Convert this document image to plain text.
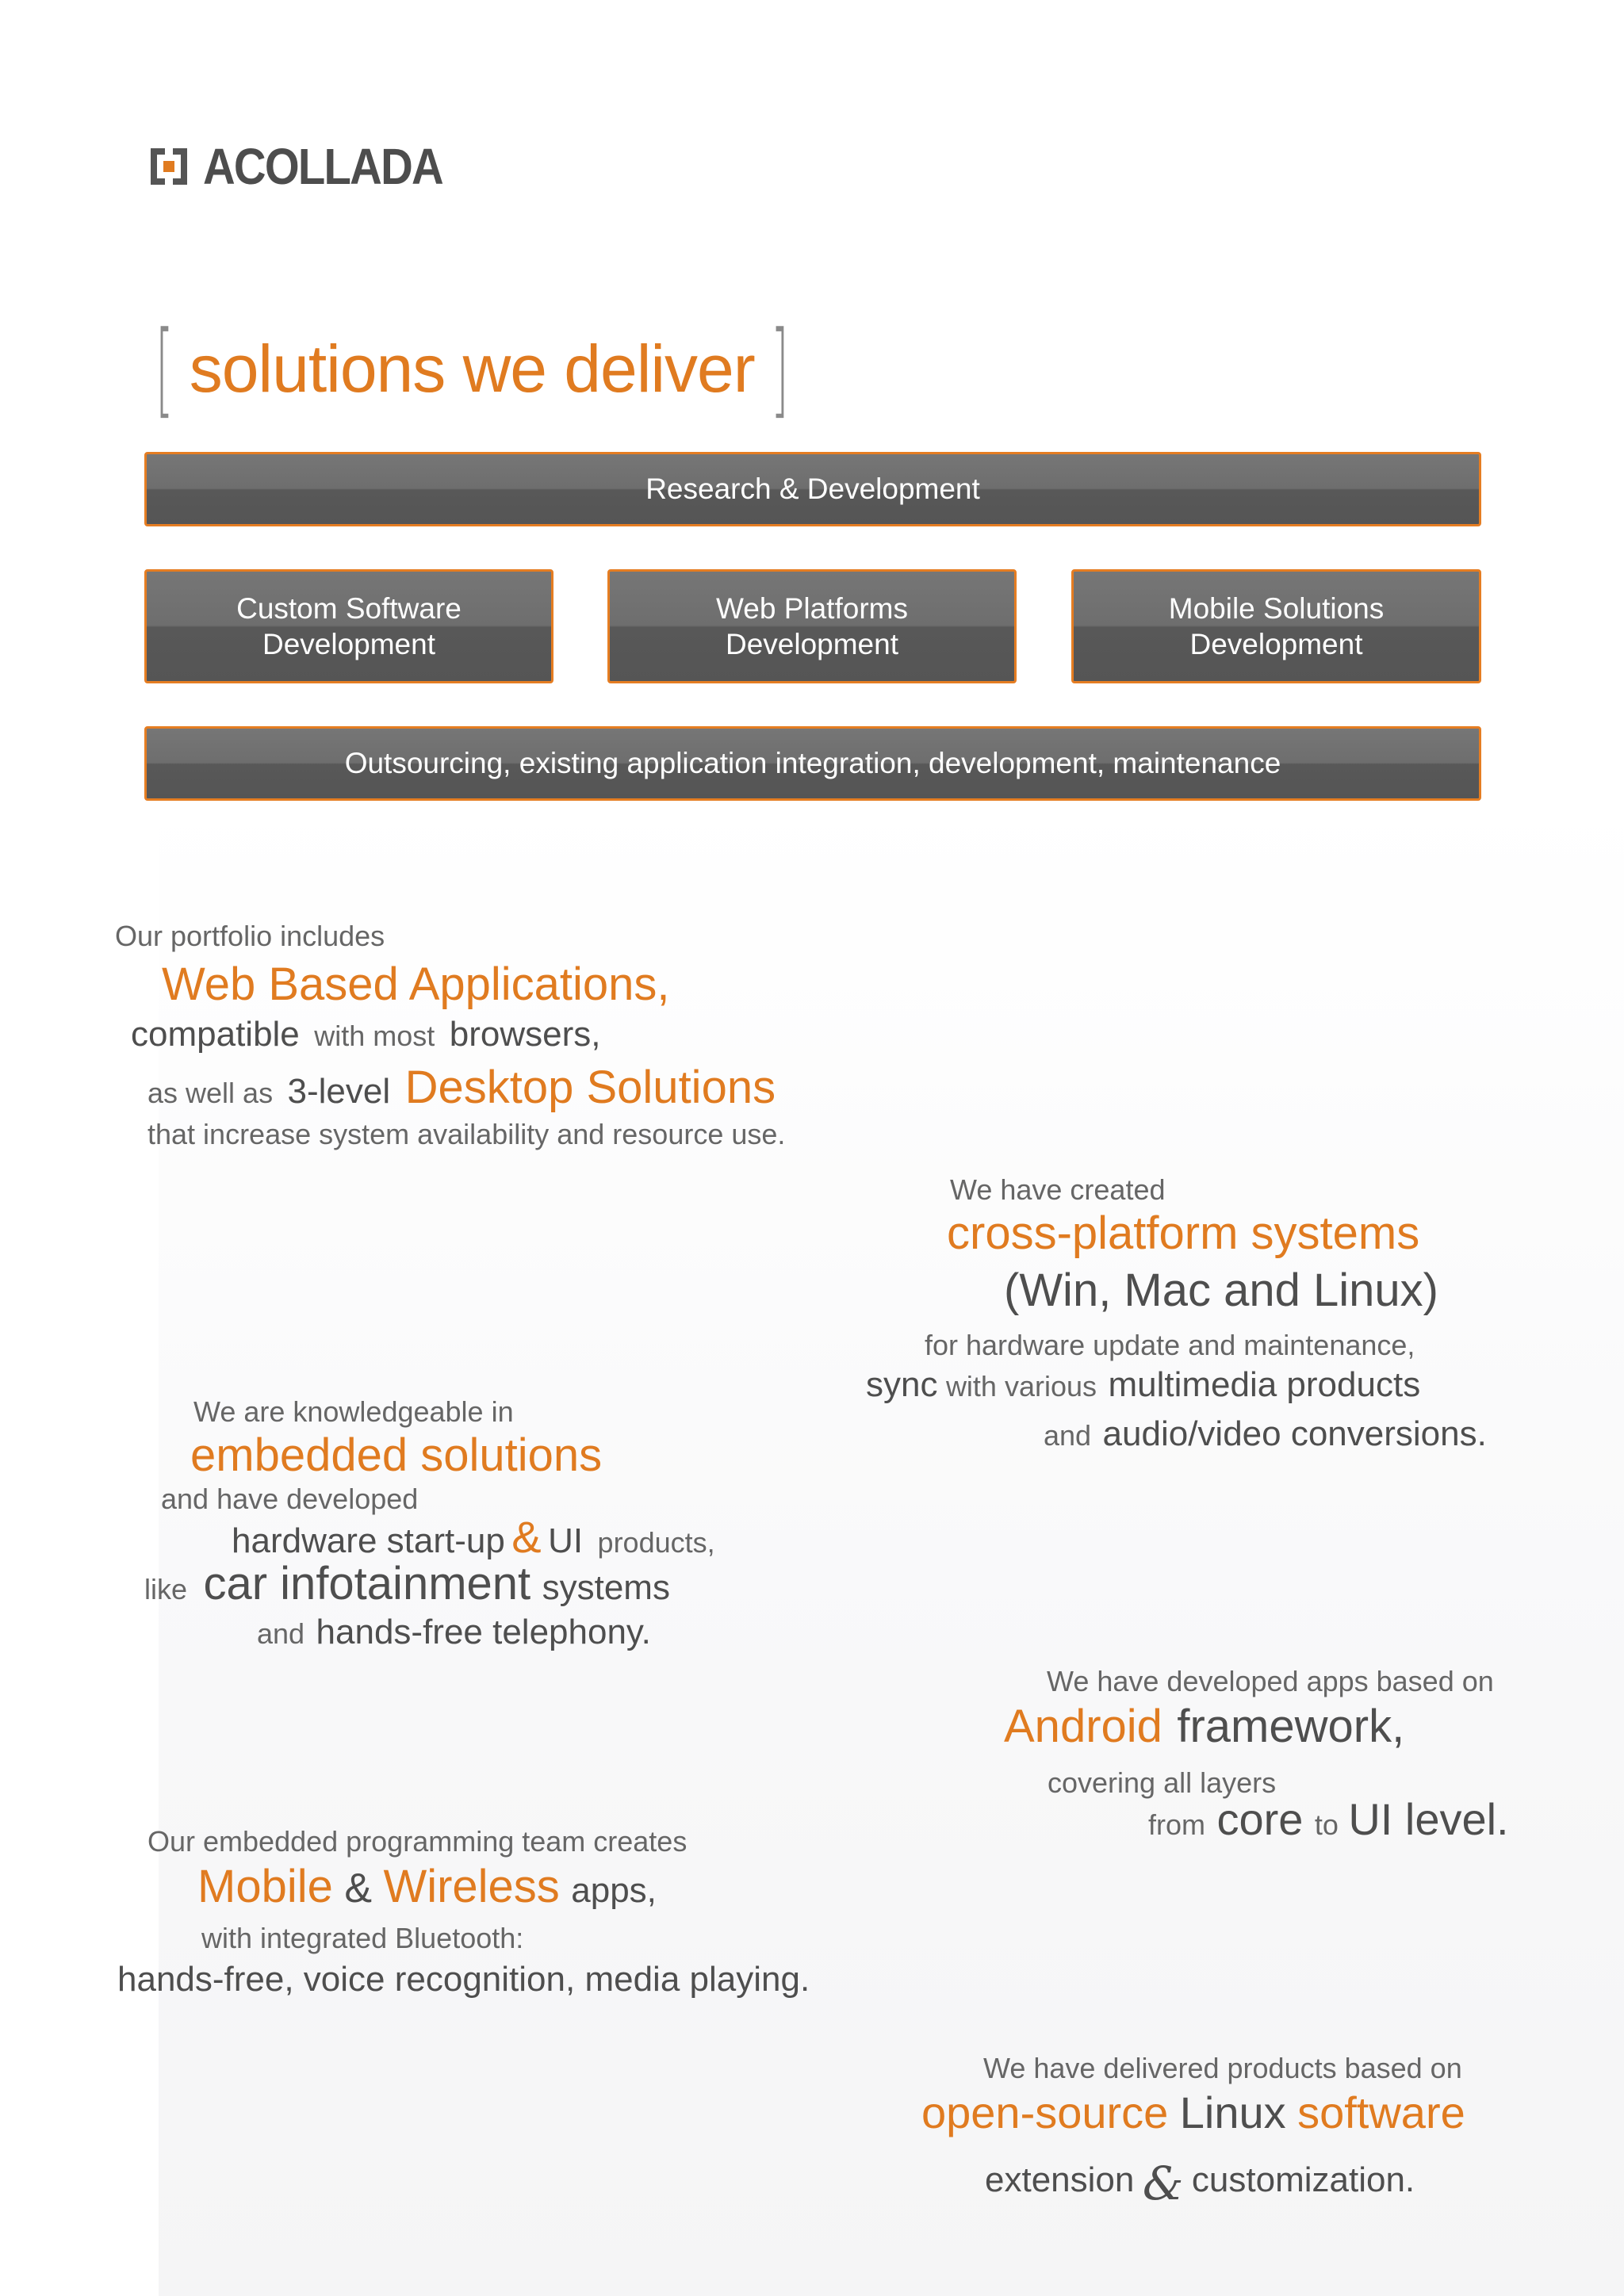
ACOLLADA
[ solutions we deliver ]
Research & Development
Custom Software
Development
Web Platforms
Development
Mobile Solutions
Development
Outsourcing, existing application integration, development, maintenance
Our portfolio includes
Web Based Applications,
compatible with most browsers,
as well as 3-level Desktop Solutions
that increase system availability and resource use.
We have created
cross-platform systems
(Win, Mac and Linux)
for hardware update and maintenance,
sync with various multimedia products
and audio/video conversions.
We are knowledgeable in
embedded solutions
and have developed
hardware start-up & UI products,
like car infotainment systems
and hands-free telephony.
We have developed apps based on
Android framework,
covering all layers
from core to UI level.
Our embedded programming team creates
Mobile & Wireless apps,
with integrated Bluetooth:
hands-free, voice recognition, media playing.
We have delivered products based on
open-source Linux software
extension & customization.
